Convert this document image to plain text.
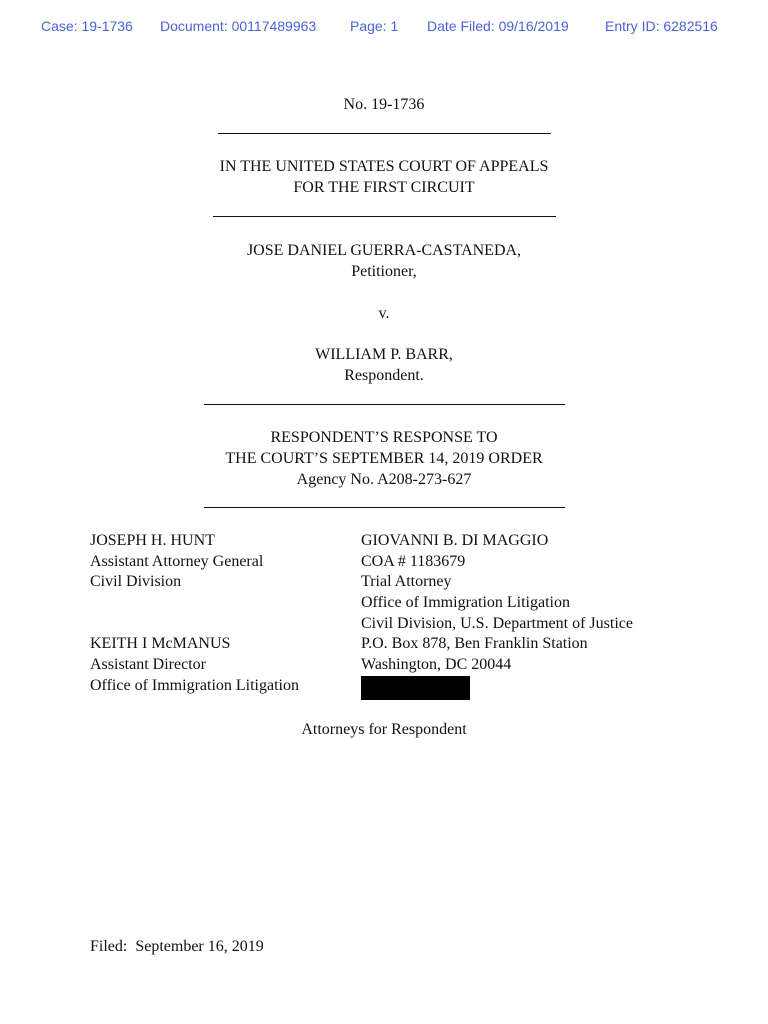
Case: 19-1736 Document: 00117489963 Page: 1 Date Filed: 09/16/2019	Entry ID: 6282516
No. 19-1736
IN THE UNITED STATES COURT OF APPEALS
FOR THE FIRST CIRCUIT
JOSE DANIEL GUERRA-CASTANEDA,
Petitioner,
v.
WILLIAM P. BARR,
Respondent.
RESPONDENT’S RESPONSE TO
THE COURT’S SEPTEMBER 14, 2019 ORDER
Agency No. A208-273-627
JOSEPH H. HUNT
Assistant Attorney General
Civil Division
KEITH I McMANUS
Assistant Director
Office of Immigration Litigation
GIOVANNI B. DI MAGGIO
COA # 1183679
Trial Attorney
Office of Immigration Litigation
Civil Division, U.S. Department of Justice
P.O. Box 878, Ben Franklin Station
Washington, DC 20044
Attorneys for Respondent
Filed:  September 16, 2019
